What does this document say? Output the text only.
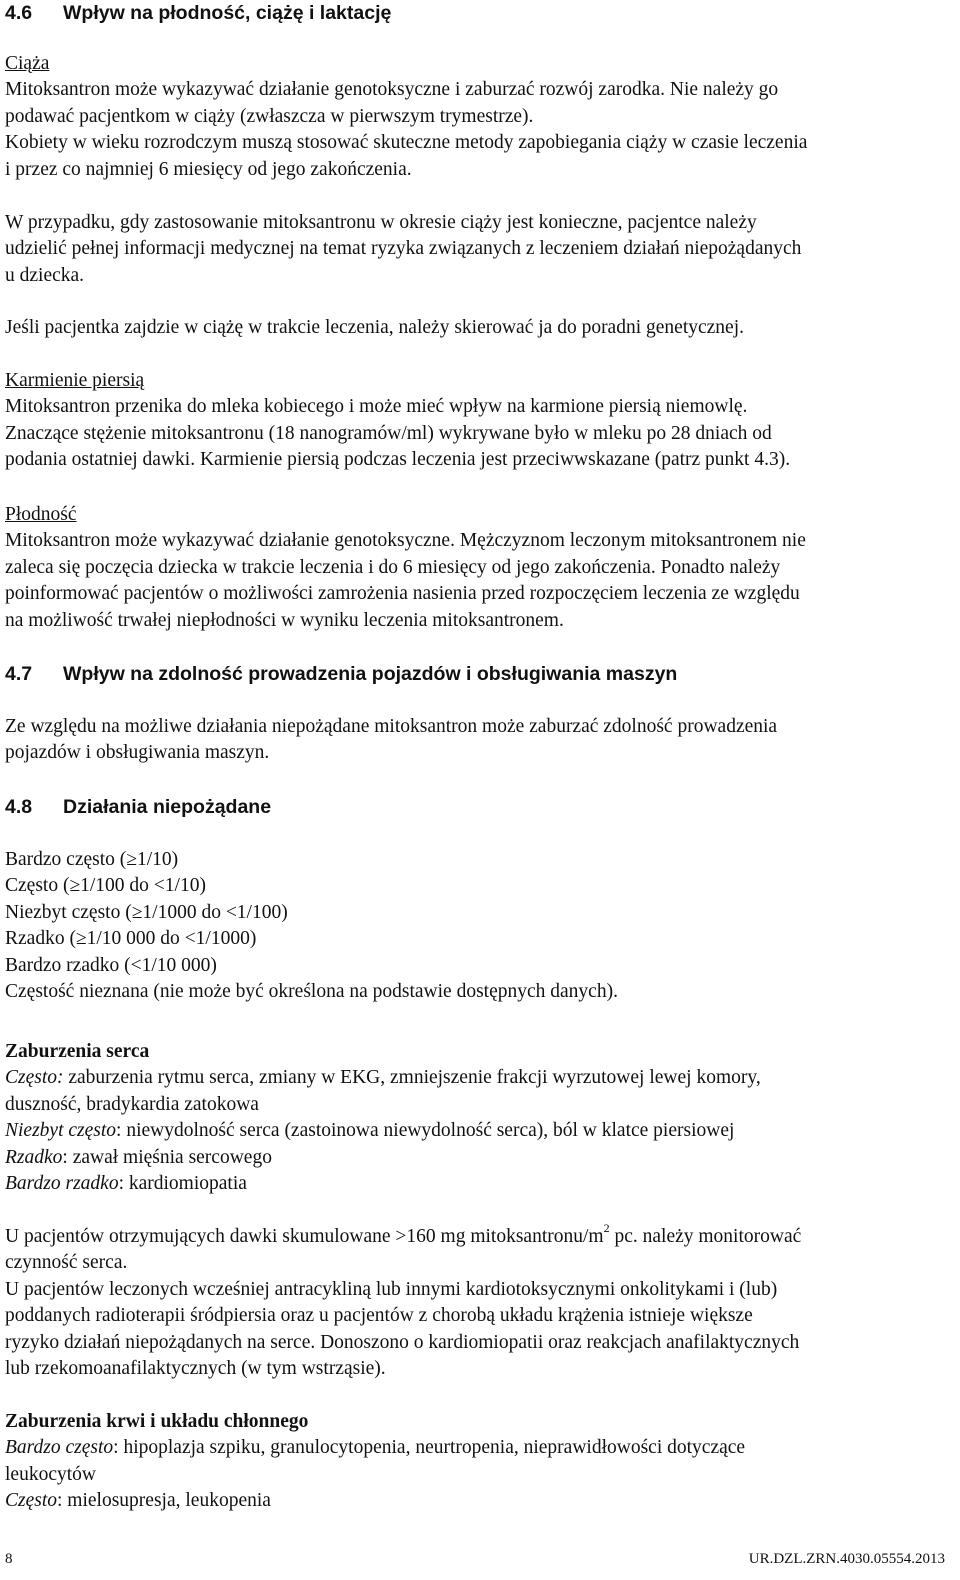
4.6 Wpływ na płodność, ciążę i laktację
Ciąża
Mitoksantron może wykazywać działanie genotoksyczne i zaburzać rozwój zarodka. Nie należy go
podawać pacjentkom w ciąży (zwłaszcza w pierwszym trymestrze).
Kobiety w wieku rozrodczym muszą stosować skuteczne metody zapobiegania ciąży w czasie leczenia
i przez co najmniej 6 miesięcy od jego zakończenia.
W przypadku, gdy zastosowanie mitoksantronu w okresie ciąży jest konieczne, pacjentce należy
udzielić pełnej informacji medycznej na temat ryzyka związanych z leczeniem działań niepożądanych
u dziecka.
Jeśli pacjentka zajdzie w ciążę w trakcie leczenia, należy skierować ja do poradni genetycznej.
Karmienie piersią
Mitoksantron przenika do mleka kobiecego i może mieć wpływ na karmione piersią niemowlę.
Znaczące stężenie mitoksantronu (18 nanogramów/ml) wykrywane było w mleku po 28 dniach od
podania ostatniej dawki. Karmienie piersią podczas leczenia jest przeciwwskazane (patrz punkt 4.3).
Płodność
Mitoksantron może wykazywać działanie genotoksyczne. Mężczyznom leczonym mitoksantronem nie
zaleca się poczęcia dziecka w trakcie leczenia i do 6 miesięcy od jego zakończenia. Ponadto należy
poinformować pacjentów o możliwości zamrożenia nasienia przed rozpoczęciem leczenia ze względu
na możliwość trwałej niepłodności w wyniku leczenia mitoksantronem.
4.7 Wpływ na zdolność prowadzenia pojazdów i obsługiwania maszyn
Ze względu na możliwe działania niepożądane mitoksantron może zaburzać zdolność prowadzenia
pojazdów i obsługiwania maszyn.
4.8 Działania niepożądane
Bardzo często (≥1/10)
Często (≥1/100 do <1/10)
Niezbyt często (≥1/1000 do <1/100)
Rzadko (≥1/10 000 do <1/1000)
Bardzo rzadko (<1/10 000)
Częstość nieznana (nie może być określona na podstawie dostępnych danych).
Zaburzenia serca
Często: zaburzenia rytmu serca, zmiany w EKG, zmniejszenie frakcji wyrzutowej lewej komory,
duszność, bradykardia zatokowa
Niezbyt często: niewydolność serca (zastoinowa niewydolność serca), ból w klatce piersiowej
Rzadko: zawał mięśnia sercowego
Bardzo rzadko: kardiomiopatia
U pacjentów otrzymujących dawki skumulowane >160 mg mitoksantronu/$m^2$ pc. należy monitorować
czynność serca.
U pacjentów leczonych wcześniej antracykliną lub innymi kardiotoksycznymi onkolitykami i (lub)
poddanych radioterapii śródpiersia oraz u pacjentów z chorobą układu krążenia istnieje większe
ryzyko działań niepożądanych na serce. Donoszono o kardiomiopatii oraz reakcjach anafilaktycznych
lub rzekomoanafilaktycznych (w tym wstrząsie).
Zaburzenia krwi i układu chłonnego
Bardzo często: hipoplazja szpiku, granulocytopenia, neurtropenia, nieprawidłowości dotyczące
leukocytów
Często: mielosupresja, leukopenia
8	UR.DZL.ZRN.4030.05554.2013
